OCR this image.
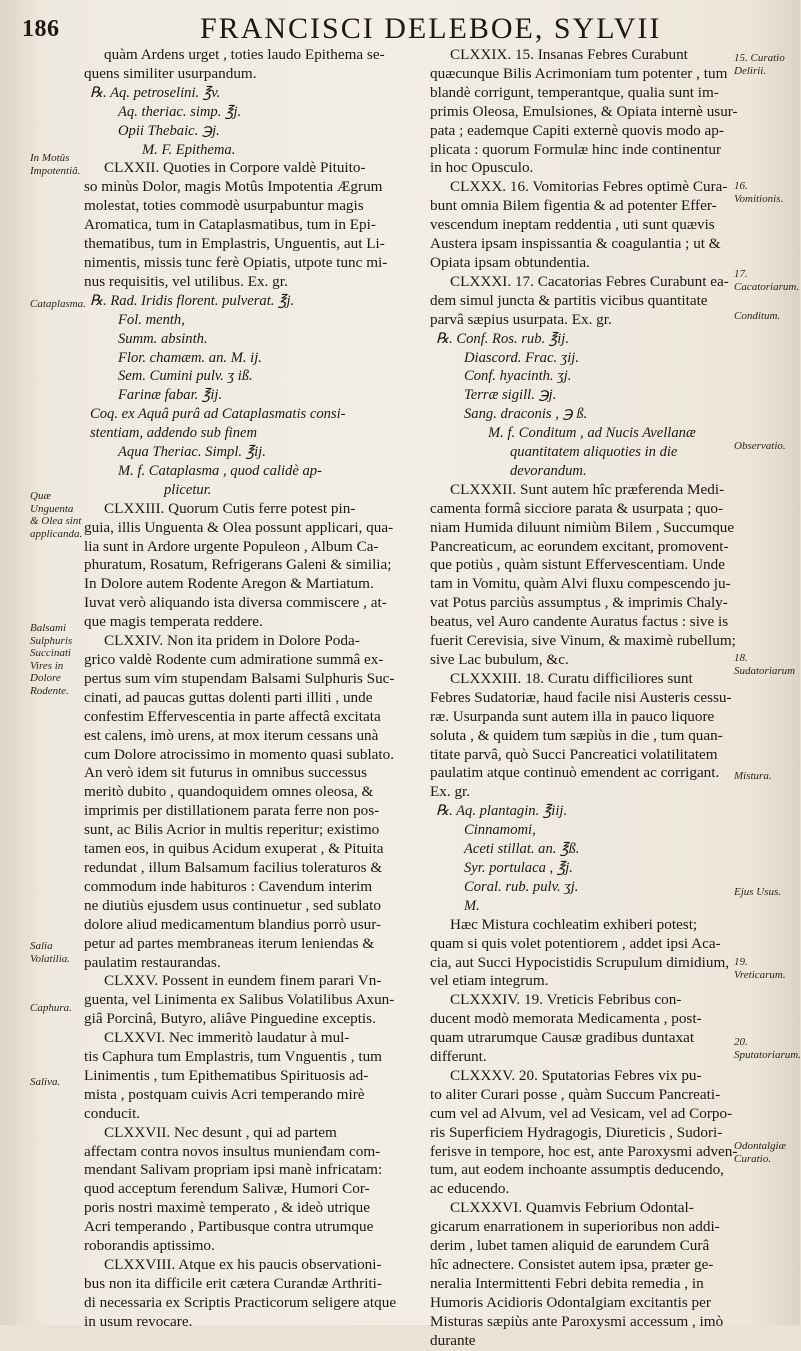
186	FRANCISCI DELEBOE, SYLVII
quàm Ardens urget , toties laudo Epithema se-
quens similiter usurpandum.
℞. Aq. petroselini. ℥v.
Aq. theriac. simp. ℥j.
Opii Thebaic. ℈j.
M. F. Epithema.
CLXXII. Quoties in Corpore valdè Pituito-
so minùs Dolor, magis Motûs Impotentia Ægrum
molestat, toties commodè usurpabuntur magis
Aromatica, tum in Cataplasmatibus, tum in Epi-
thematibus, tum in Emplastris, Unguentis, aut Li-
nimentis, missis tunc ferè Opiatis, utpote tunc mi-
nus requisitis, vel utilibus. Ex. gr.
℞. Rad. Iridis florent. pulverat. ℥j.
Fol. menth,
Summ. absinth.
Flor. chamæm. an. M. ij.
Sem. Cumini pulv. ʒ iß.
Farinæ fabar. ℥ij.
Coq. ex Aquâ purâ ad Cataplasmatis consi-
stentiam, addendo sub finem
Aqua Theriac. Simpl. ℥ij.
M. f. Cataplasma , quod calidè ap-
plicetur.
CLXXIII. Quorum Cutis ferre potest pin-
guia, illis Unguenta & Olea possunt applicari, qua-
lia sunt in Ardore urgente Populeon , Album Ca-
phuratum, Rosatum, Refrigerans Galeni & similia;
In Dolore autem Rodente Aregon & Martiatum.
Iuvat verò aliquando ista diversa commiscere , at-
que magis temperata reddere.
CLXXIV. Non ita pridem in Dolore Poda-
grico valdè Rodente cum admiratione summâ ex-
pertus sum vim stupendam Balsami Sulphuris Suc-
cinati, ad paucas guttas dolenti parti illiti , unde
confestim Effervescentia in parte affectâ excitata
est calens, imò urens, at mox iterum cessans unà
cum Dolore atrocissimo in momento quasi sublato.
An verò idem sit futurus in omnibus successus
meritò dubito , quandoquidem omnes oleosa, &
imprimis per distillationem parata ferre non pos-
sunt, ac Bilis Acrior in multis reperitur; existimo
tamen eos, in quibus Acidum exuperat , & Pituita
redundat , illum Balsamum facilius toleraturos &
commodum inde habituros : Cavendum interim
ne diutiùs ejusdem usus continuetur , sed sublato
dolore aliud medicamentum blandius porrò usur-
petur ad partes membraneas iterum leniendas &
paulatim restaurandas.
CLXXV. Possent in eundem finem parari Vn-
guenta, vel Linimenta ex Salibus Volatilibus Axun-
giâ Porcinâ, Butyro, aliâve Pinguedine exceptis.
CLXXVI. Nec immeritò laudatur à mul-
tis Caphura tum Emplastris, tum Vnguentis , tum
Linimentis , tum Epithematibus Spirituosis ad-
mista , postquam cuivis Acri temperando mirè
conducit.
CLXXVII. Nec desunt , qui ad partem
affectam contra novos insultus munienđam com-
mendant Salivam propriam ipsi manè infricatam:
quod acceptum ferendum Salivæ, Humori Cor-
poris nostri maximè temperato , & ideò utrique
Acri temperando , Partibusque contra utrumque
roborandis aptissimo.
CLXXVIII. Atque ex his paucis observationi-
bus non ita difficile erit cætera Curandæ Arthriti-
di necessaria ex Scriptis Practicorum seligere atque
in usum revocare.
CLXXIX. 15. Insanas Febres Curabunt
quæcunque Bilis Acrimoniam tum potenter , tum
blandè corrigunt, temperantque, qualia sunt im-
primis Oleosa, Emulsiones, & Opiata internè usur-
pata ; eademque Capiti externè quovis modo ap-
plicata : quorum Formulæ hinc inde continentur
in hoc Opusculo.
CLXXX. 16. Vomitorias Febres optimè Cura-
bunt omnia Bilem figentia & ad potenter Effer-
vescendum ineptam reddentia , uti sunt quævis
Austera ipsam inspissantia & coagulantia ; ut &
Opiata ipsam obtundentia.
CLXXXI. 17. Cacatorias Febres Curabunt ea-
dem simul juncta & partitis vicibus quantitate
parvâ sæpius usurpata. Ex. gr.
℞. Conf. Ros. rub. ℥ij.
Diascord. Frac. ʒij.
Conf. hyacinth. ʒj.
Terræ sigill. ℈j.
Sang. draconis , ℈ ß.
M. f. Conditum , ad Nucis Avellanæ
quantitatem aliquoties in die
devorandum.
CLXXXII. Sunt autem hîc præferenda Medi-
camenta formâ sicciore parata & usurpata ; quo-
niam Humida diluunt nimiùm Bilem , Succumque
Pancreaticum, ac eorundem excitant, promovent-
que potiùs , quàm sistunt Effervescentiam. Unde
tam in Vomitu, quàm Alvi fluxu compescendo ju-
vat Potus parciùs assumptus , & imprimis Chaly-
beatus, vel Auro candente Auratus factus : sive is
fuerit Cerevisia, sive Vinum, & maximè rubellum;
sive Lac bubulum, &c.
CLXXXIII. 18. Curatu difficiliores sunt
Febres Sudatoriæ, haud facile nisi Austeris cessu-
ræ. Usurpanda sunt autem illa in pauco liquore
soluta , & quidem tum sæpiùs in die , tum quan-
titate parvâ, quò Succi Pancreatici volatilitatem
paulatim atque continuò emendent ac corrigant.
Ex. gr.
℞. Aq. plantagin. ℥iij.
Cinnamomi,
Aceti stillat. an. ℥ß.
Syr. portulaca , ℥j.
Coral. rub. pulv. ʒj.
M.
Hæc Mistura cochleatim exhiberi potest;
quam si quis volet potentiorem , addet ipsi Aca-
cia, aut Succi Hypocistidis Scrupulum dimidium,
vel etiam integrum.
CLXXXIV. 19. Vreticis Febribus con-
ducent modò memorata Medicamenta , post-
quam utrarumque Causæ gradibus duntaxat
differunt.
CLXXXV. 20. Sputatorias Febres vix pu-
to aliter Curari posse , quàm Succum Pancreati-
cum vel ad Alvum, vel ad Vesicam, vel ad Corpo-
ris Superficiem Hydragogis, Diureticis , Sudori-
ferisve in tempore, hoc est, ante Paroxysmi adven-
tum, aut eodem inchoante assumptis deducendo,
ac educendo.
CLXXXVI. Quamvis Febrium Odontal-
gicarum enarrationem in superioribus non addi-
derim , lubet tamen aliquid de earundem Curâ
hîc adnectere. Consistet autem ipsa, præter ge-
neralia Intermittenti Febri debita remedia , in
Humoris Acidioris Odontalgiam excitantis per
Misturas sæpiùs ante Paroxysmi accessum , imò
durante
In Motûs Impotentiâ.
Cataplasma.
Quæ Unguenta & Olea sint applicanda.
Balsami Sulphuris Succinati Vires in Dolore Rodente.
Salia Volatilia.
Caphura.
Saliva.
15. Curatio Delirii.
16. Vomitionis.
17. Cacatoriarum.
Conditum.
Observatio.
18. Sudatoriarum
Mistura.
Ejus Usus.
19. Vreticarum.
20. Sputatoriarum.
Odontalgiæ Curatio.
